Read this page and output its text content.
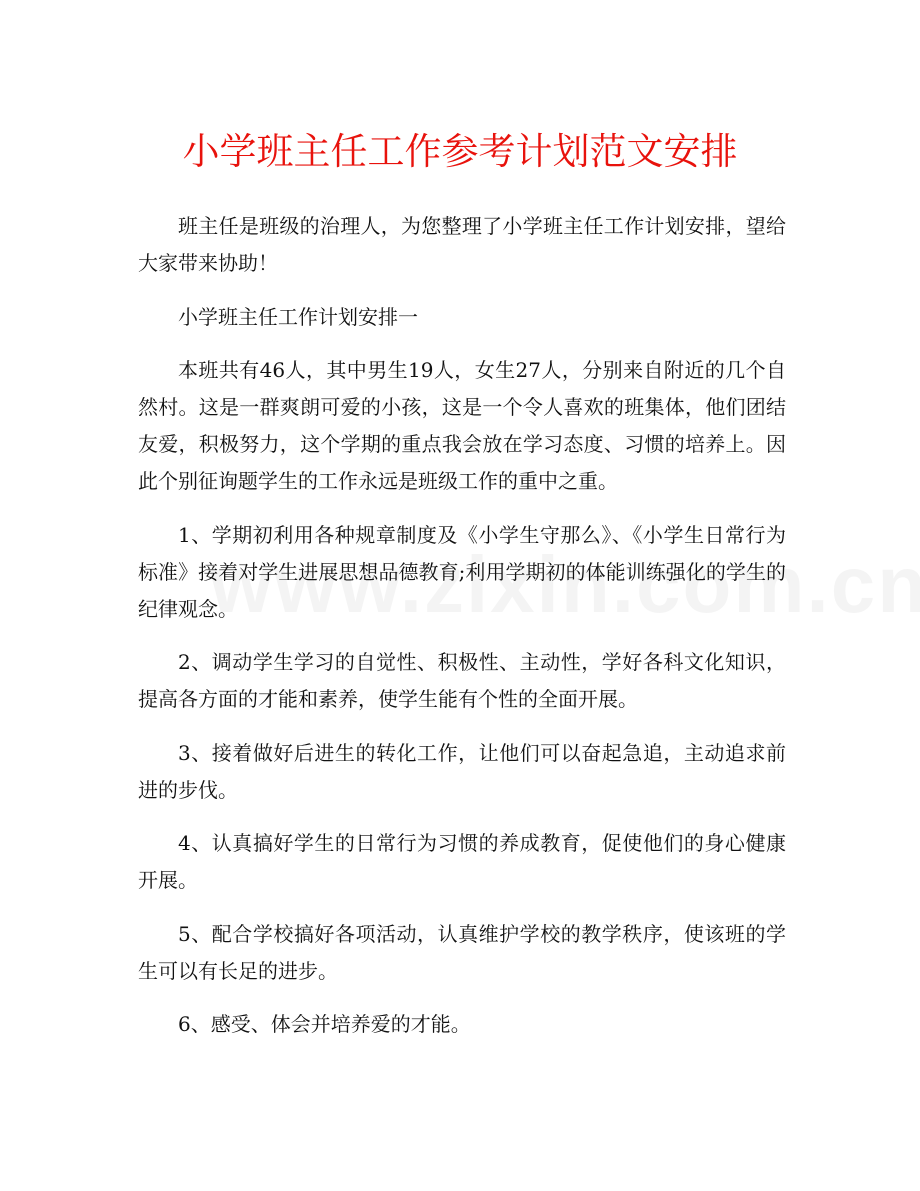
小学班主任工作参考计划范文安排

班主任是班级的治理人，为您整理了小学班主任工作计划安排，望给大家带来协助！

小学班主任工作计划安排一

本班共有46人，其中男生19人，女生27人，分别来自附近的几个自然村。这是一群爽朗可爱的小孩，这是一个令人喜欢的班集体，他们团结友爱，积极努力，这个学期的重点我会放在学习态度、习惯的培养上。因此个别征询题学生的工作永远是班级工作的重中之重。

1、学期初利用各种规章制度及《小学生守那么》、《小学生日常行为标准》接着对学生进展思想品德教育;利用学期初的体能训练强化的学生的纪律观念。

2、调动学生学习的自觉性、积极性、主动性，学好各科文化知识，提高各方面的才能和素养，使学生能有个性的全面开展。

3、接着做好后进生的转化工作，让他们可以奋起急追，主动追求前进的步伐。

4、认真搞好学生的日常行为习惯的养成教育，促使他们的身心健康开展。

5、配合学校搞好各项活动，认真维护学校的教学秩序，使该班的学生可以有长足的进步。

6、感受、体会并培养爱的才能。
